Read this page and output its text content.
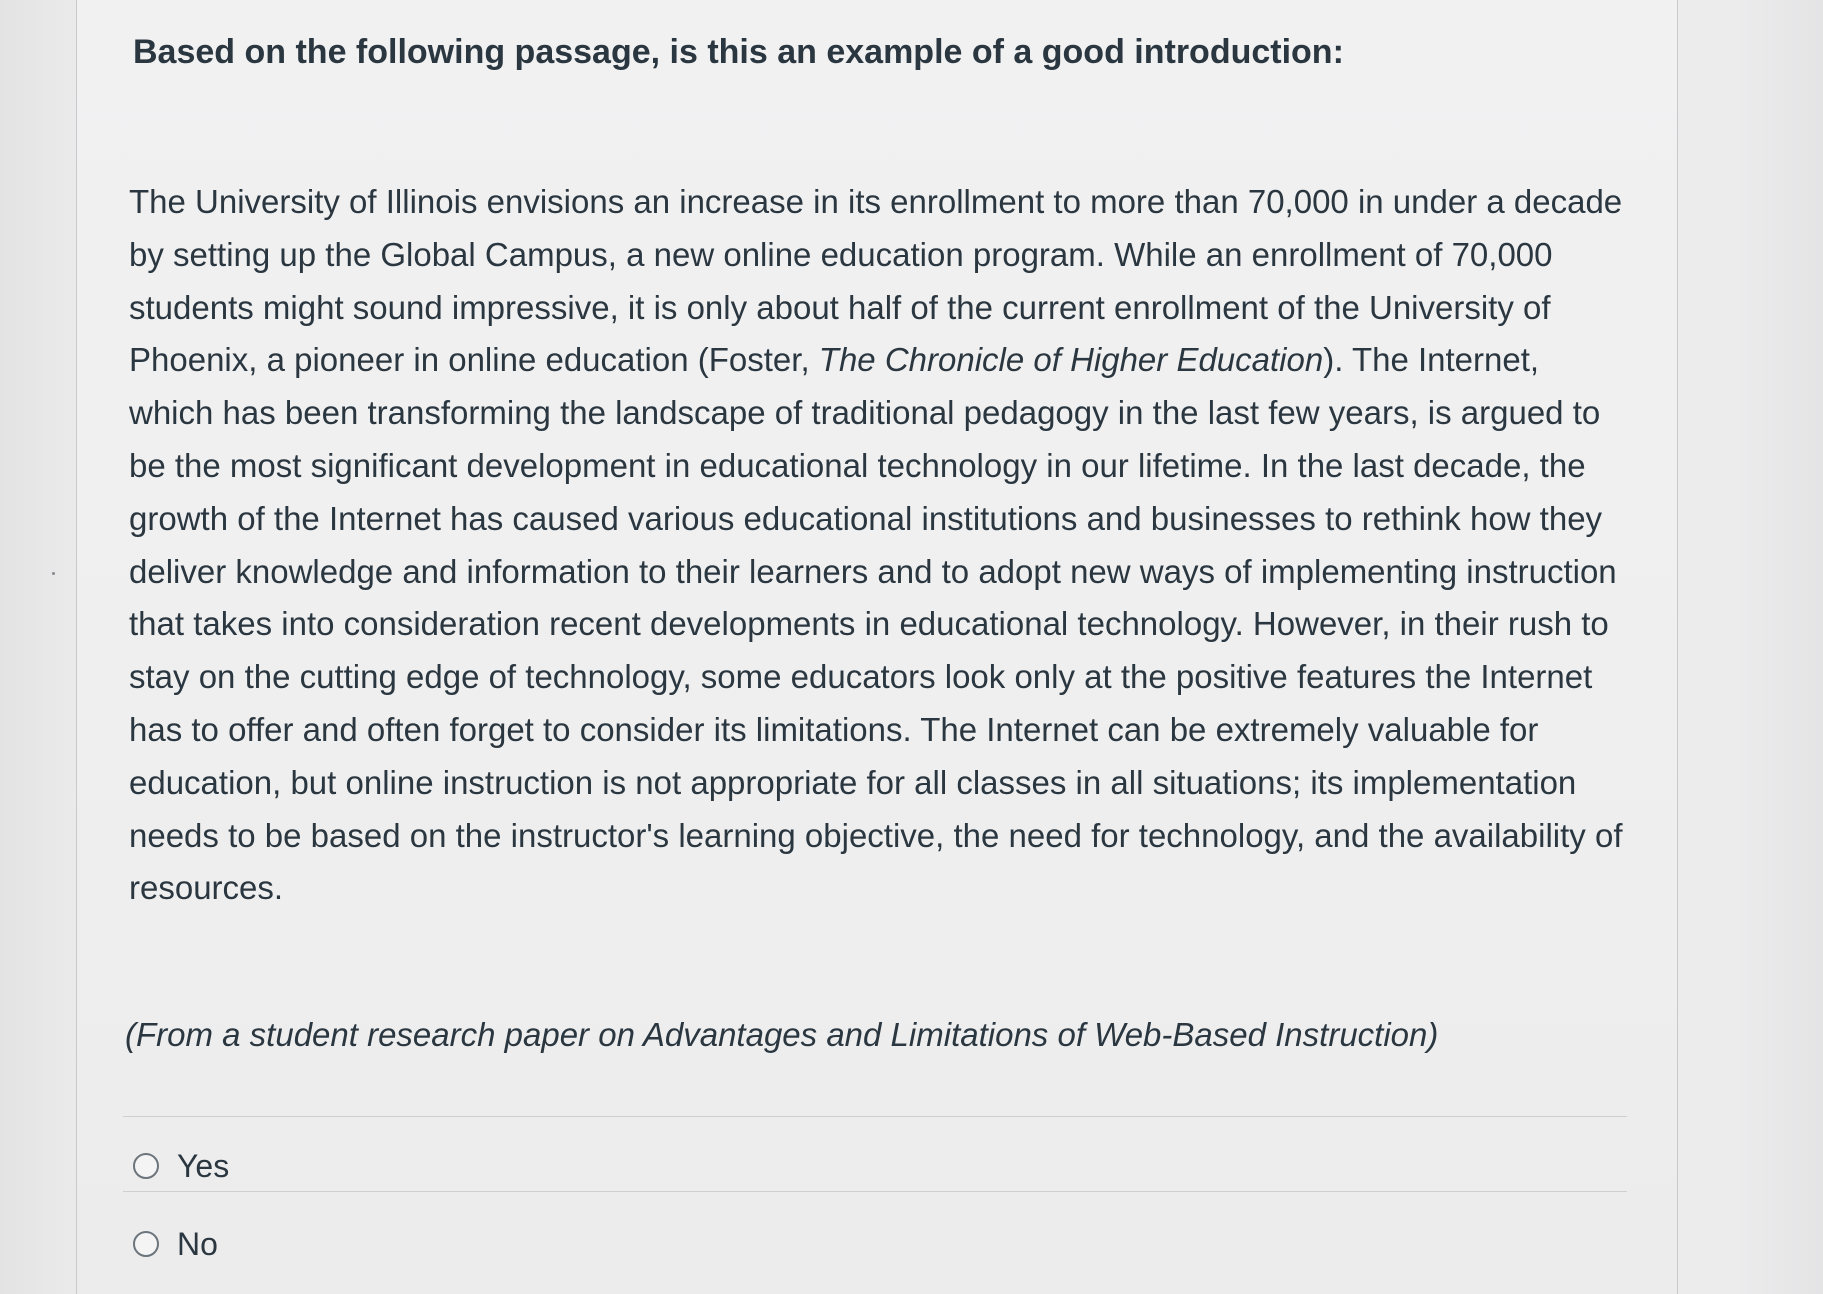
Based on the following passage, is this an example of a good introduction:

The University of Illinois envisions an increase in its enrollment to more than 70,000 in under a decade by setting up the Global Campus, a new online education program. While an enrollment of 70,000 students might sound impressive, it is only about half of the current enrollment of the University of Phoenix, a pioneer in online education (Foster, The Chronicle of Higher Education). The Internet, which has been transforming the landscape of traditional pedagogy in the last few years, is argued to be the most significant development in educational technology in our lifetime. In the last decade, the growth of the Internet has caused various educational institutions and businesses to rethink how they deliver knowledge and information to their learners and to adopt new ways of implementing instruction that takes into consideration recent developments in educational technology. However, in their rush to stay on the cutting edge of technology, some educators look only at the positive features the Internet has to offer and often forget to consider its limitations. The Internet can be extremely valuable for education, but online instruction is not appropriate for all classes in all situations; its implementation needs to be based on the instructor's learning objective, the need for technology, and the availability of resources.

(From a student research paper on Advantages and Limitations of Web-Based Instruction)

Yes
No
